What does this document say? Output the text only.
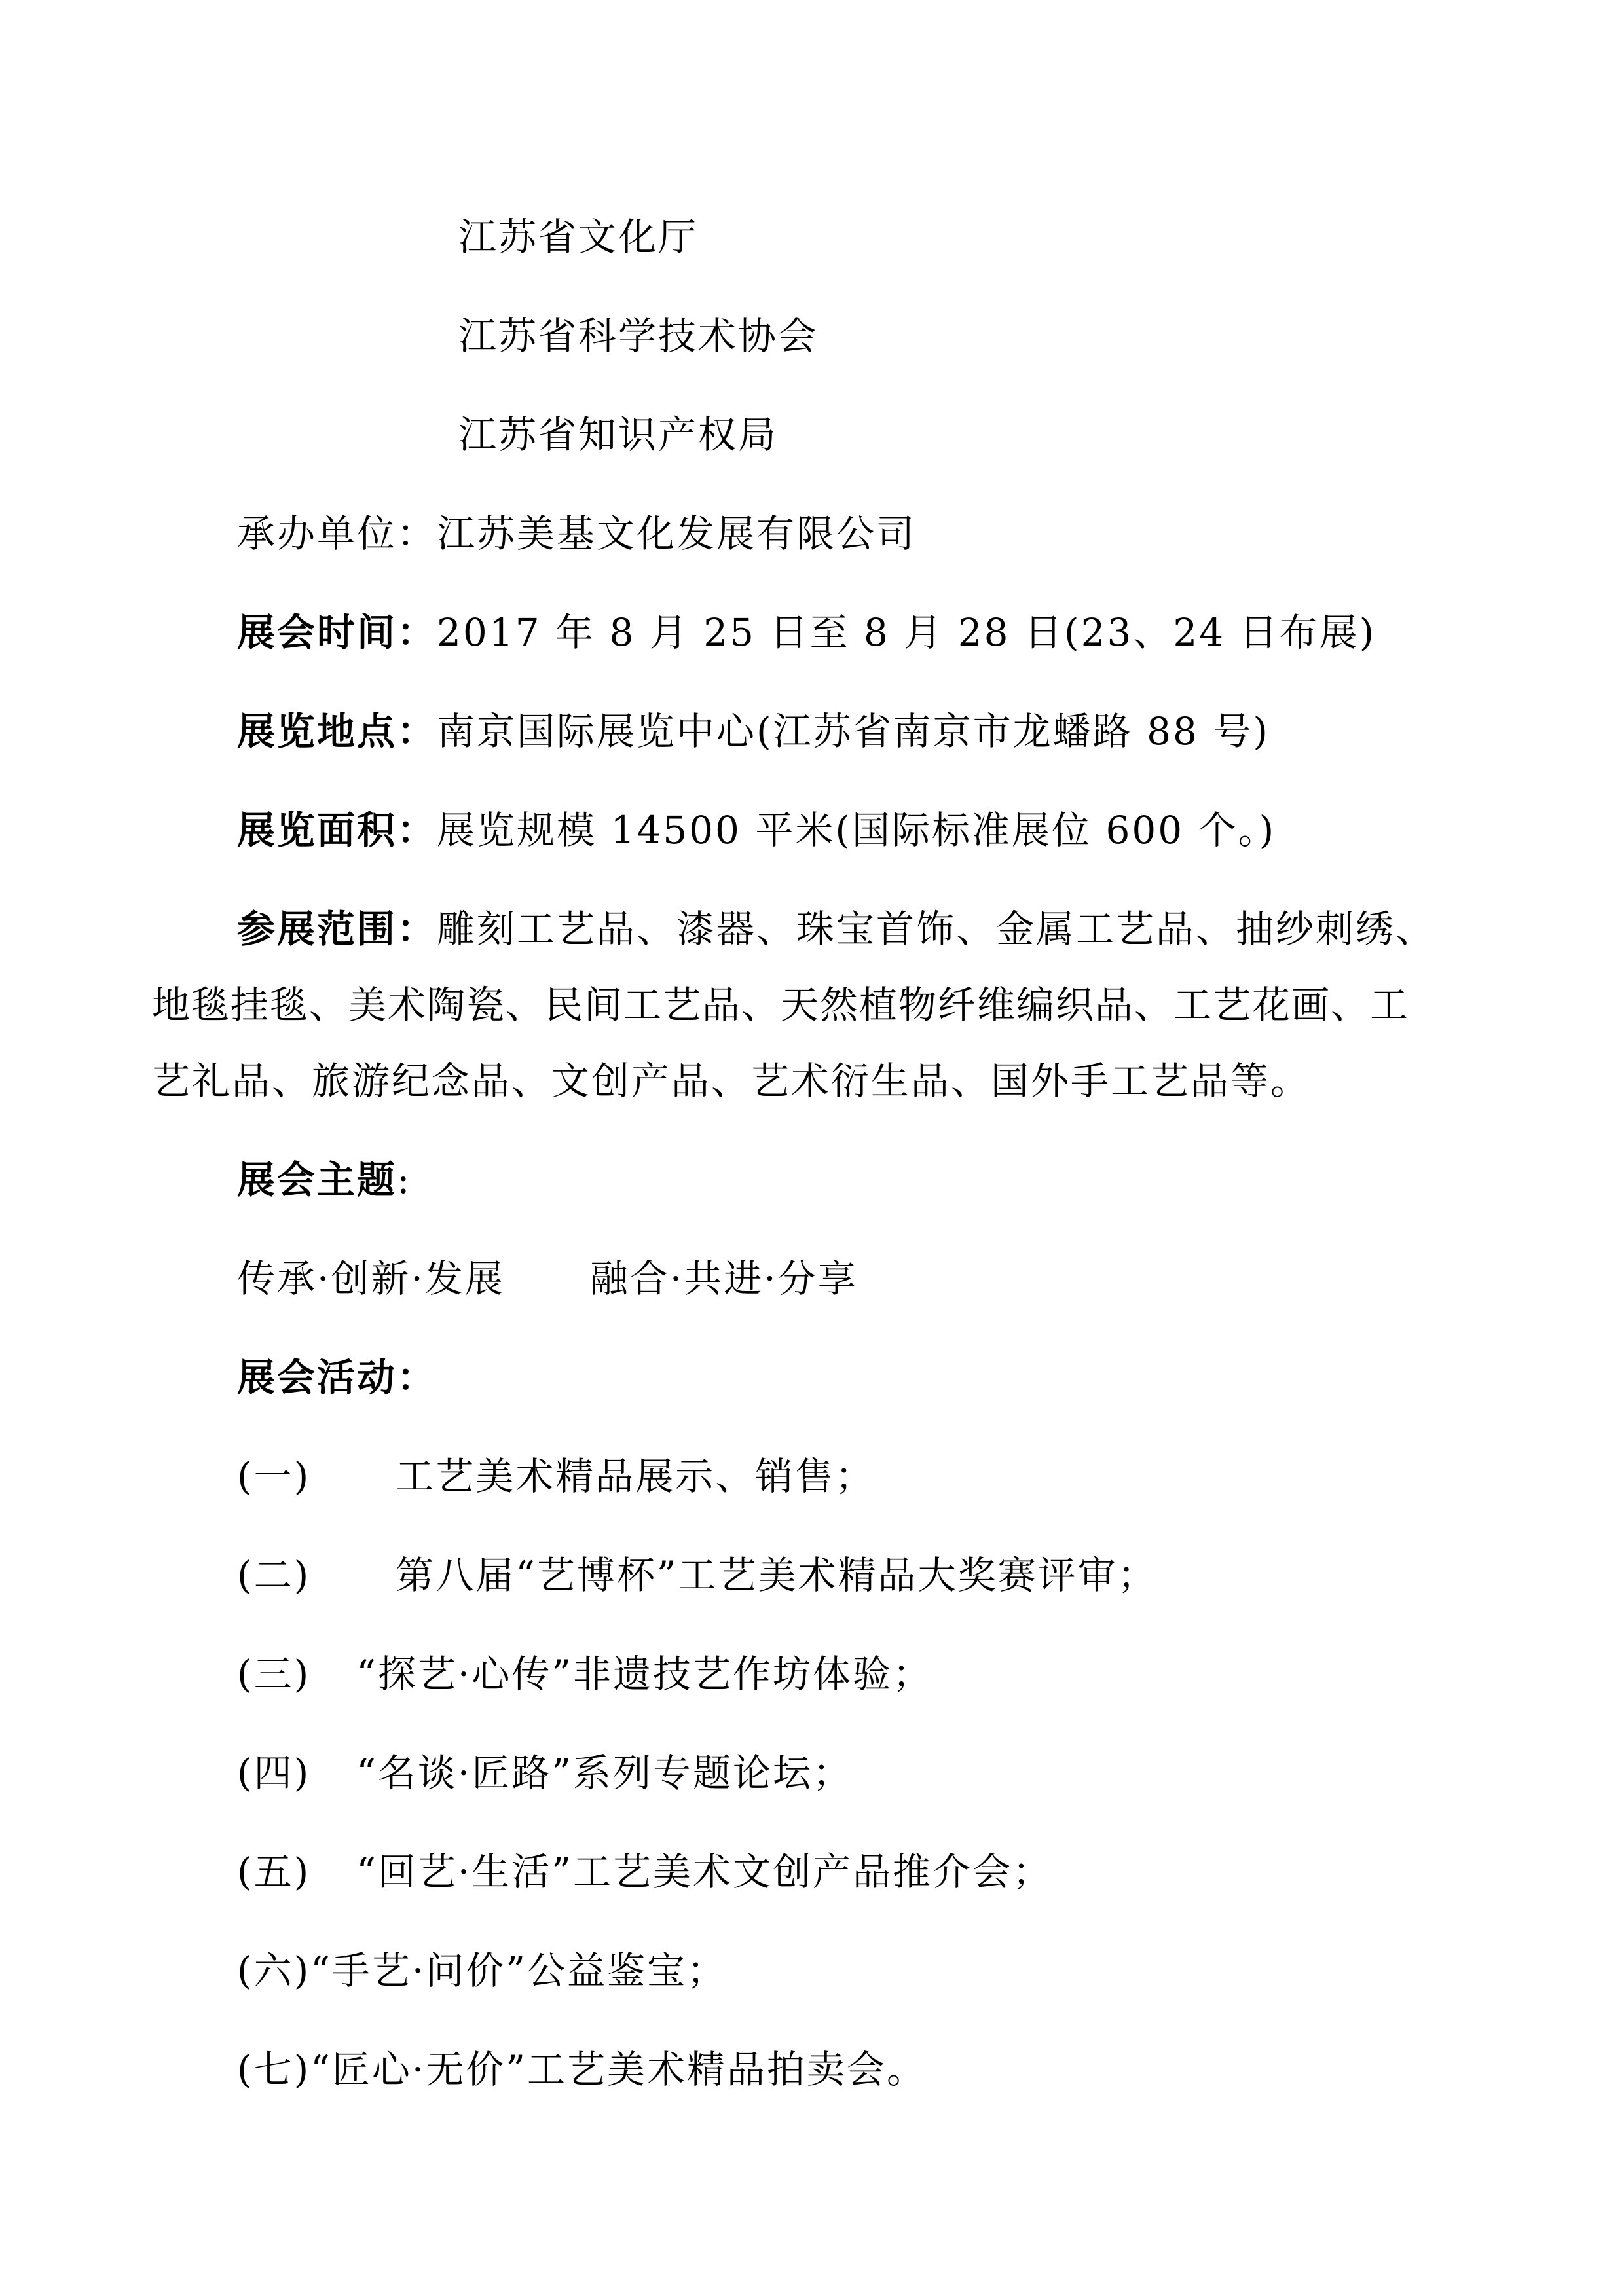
江苏省文化厅
江苏省科学技术协会
江苏省知识产权局
承办单位：江苏美基文化发展有限公司
展会时间：2017 年 8 月 25 日至 8 月 28 日(23、24 日布展)
展览地点：南京国际展览中心(江苏省南京市龙蟠路 88 号)
展览面积：展览规模 14500 平米(国际标准展位 600 个。)
参展范围：雕刻工艺品、漆器、珠宝首饰、金属工艺品、抽纱刺绣、
地毯挂毯、美术陶瓷、民间工艺品、天然植物纤维编织品、工艺花画、工
艺礼品、旅游纪念品、文创产品、艺术衍生品、国外手工艺品等。
展会主题:
传承·创新·发展 融合·共进·分享
展会活动：
(一) 工艺美术精品展示、销售；
(二) 第八届“艺博杯”工艺美术精品大奖赛评审；
(三) “探艺·心传”非遗技艺作坊体验；
(四) “名谈·匠路”系列专题论坛；
(五) “回艺·生活”工艺美术文创产品推介会；
(六)“手艺·问价”公益鉴宝；
(七)“匠心·无价”工艺美术精品拍卖会。
